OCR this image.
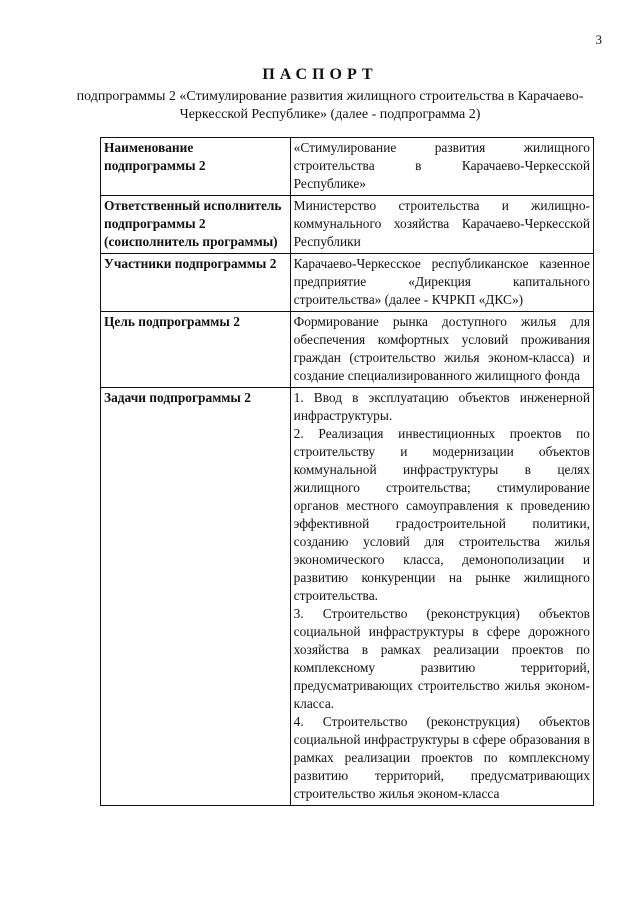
3
ПАСПОРТ
подпрограммы 2 «Стимулирование развития жилищного строительства в Карачаево-Черкесской Республике» (далее - подпрограмма 2)
Наименование подпрограммы 2	«Стимулирование развития жилищного строительства в Карачаево-Черкесской Республике»

Ответственный исполнитель подпрограммы 2 (соисполнитель программы)	Министерство строительства и жилищно-коммунального хозяйства Карачаево-Черкесской Республики

Участники подпрограммы 2	Карачаево-Черкесское республиканское казенное предприятие «Дирекция капитального строительства» (далее - КЧРКП «ДКС»)

Цель подпрограммы 2	Формирование рынка доступного жилья для обеспечения комфортных условий проживания граждан (строительство жилья эконом-класса) и создание специализированного жилищного фонда

Задачи подпрограммы 2	1. Ввод в эксплуатацию объектов инженерной инфраструктуры.
2. Реализация инвестиционных проектов по строительству и модернизации объектов коммунальной инфраструктуры в целях жилищного строительства; стимулирование органов местного самоуправления к проведению эффективной градостроительной политики, созданию условий для строительства жилья экономического класса, демонополизации и развитию конкуренции на рынке жилищного строительства.
3. Строительство (реконструкция) объектов социальной инфраструктуры в сфере дорожного хозяйства в рамках реализации проектов по комплексному развитию территорий, предусматривающих строительство жилья эконом-класса.
4. Строительство (реконструкция) объектов социальной инфраструктуры в сфере образования в рамках реализации проектов по комплексному развитию территорий, предусматривающих строительство жилья эконом-класса
